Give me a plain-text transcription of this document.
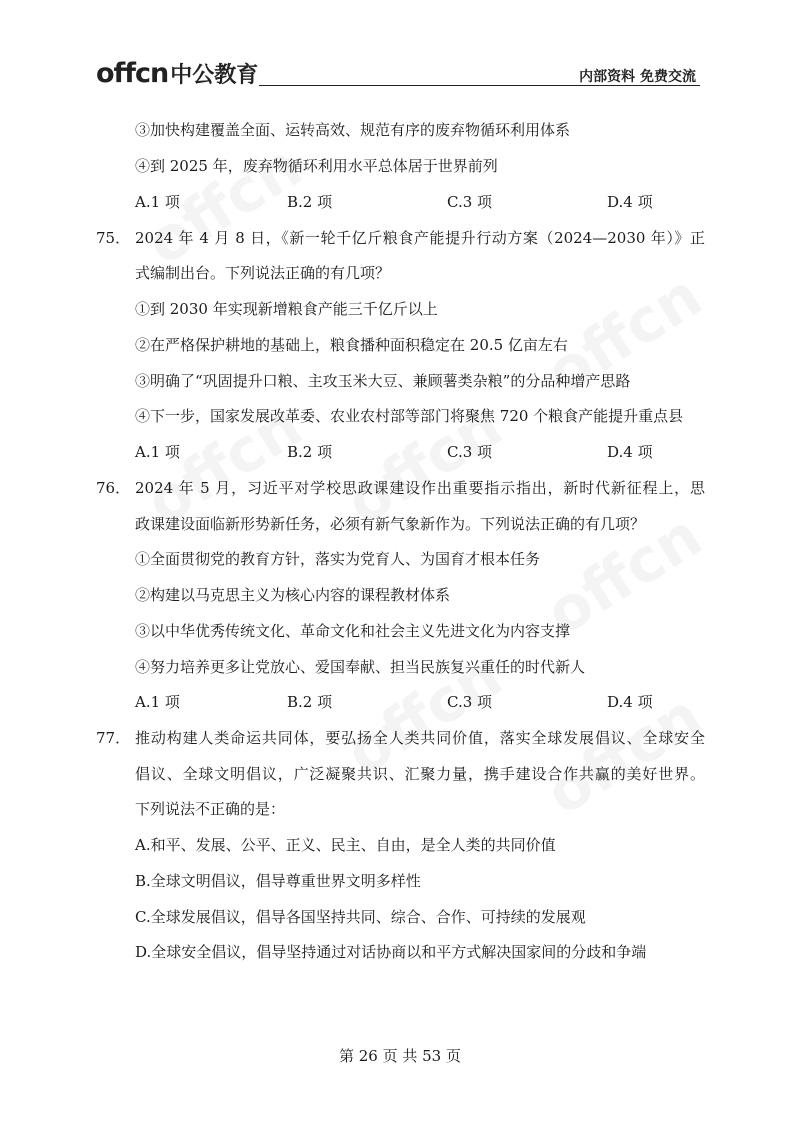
offcn 中公教育	内部资料 免费交流
③加快构建覆盖全面、运转高效、规范有序的废弃物循环利用体系
④到 2025 年，废弃物循环利用水平总体居于世界前列
A.1 项	B.2 项	C.3 项	D.4 项
75． 2024 年 4 月 8 日，《新一轮千亿斤粮食产能提升行动方案（2024—2030 年）》正
式编制出台。下列说法正确的有几项？
①到 2030 年实现新增粮食产能三千亿斤以上
②在严格保护耕地的基础上，粮食播种面积稳定在 20.5 亿亩左右
③明确了“巩固提升口粮、主攻玉米大豆、兼顾薯类杂粮”的分品种增产思路
④下一步，国家发展改革委、农业农村部等部门将聚焦 720 个粮食产能提升重点县
A.1 项	B.2 项	C.3 项	D.4 项
76． 2024 年 5 月，习近平对学校思政课建设作出重要指示指出，新时代新征程上，思
政课建设面临新形势新任务，必须有新气象新作为。下列说法正确的有几项？
①全面贯彻党的教育方针，落实为党育人、为国育才根本任务
②构建以马克思主义为核心内容的课程教材体系
③以中华优秀传统文化、革命文化和社会主义先进文化为内容支撑
④努力培养更多让党放心、爱国奉献、担当民族复兴重任的时代新人
A.1 项	B.2 项	C.3 项	D.4 项
77． 推动构建人类命运共同体，要弘扬全人类共同价值，落实全球发展倡议、全球安全
倡议、全球文明倡议，广泛凝聚共识、汇聚力量，携手建设合作共赢的美好世界。
下列说法不正确的是：
A.和平、发展、公平、正义、民主、自由，是全人类的共同价值
B.全球文明倡议，倡导尊重世界文明多样性
C.全球发展倡议，倡导各国坚持共同、综合、合作、可持续的发展观
D.全球安全倡议，倡导坚持通过对话协商以和平方式解决国家间的分歧和争端
第 26 页 共 53 页
